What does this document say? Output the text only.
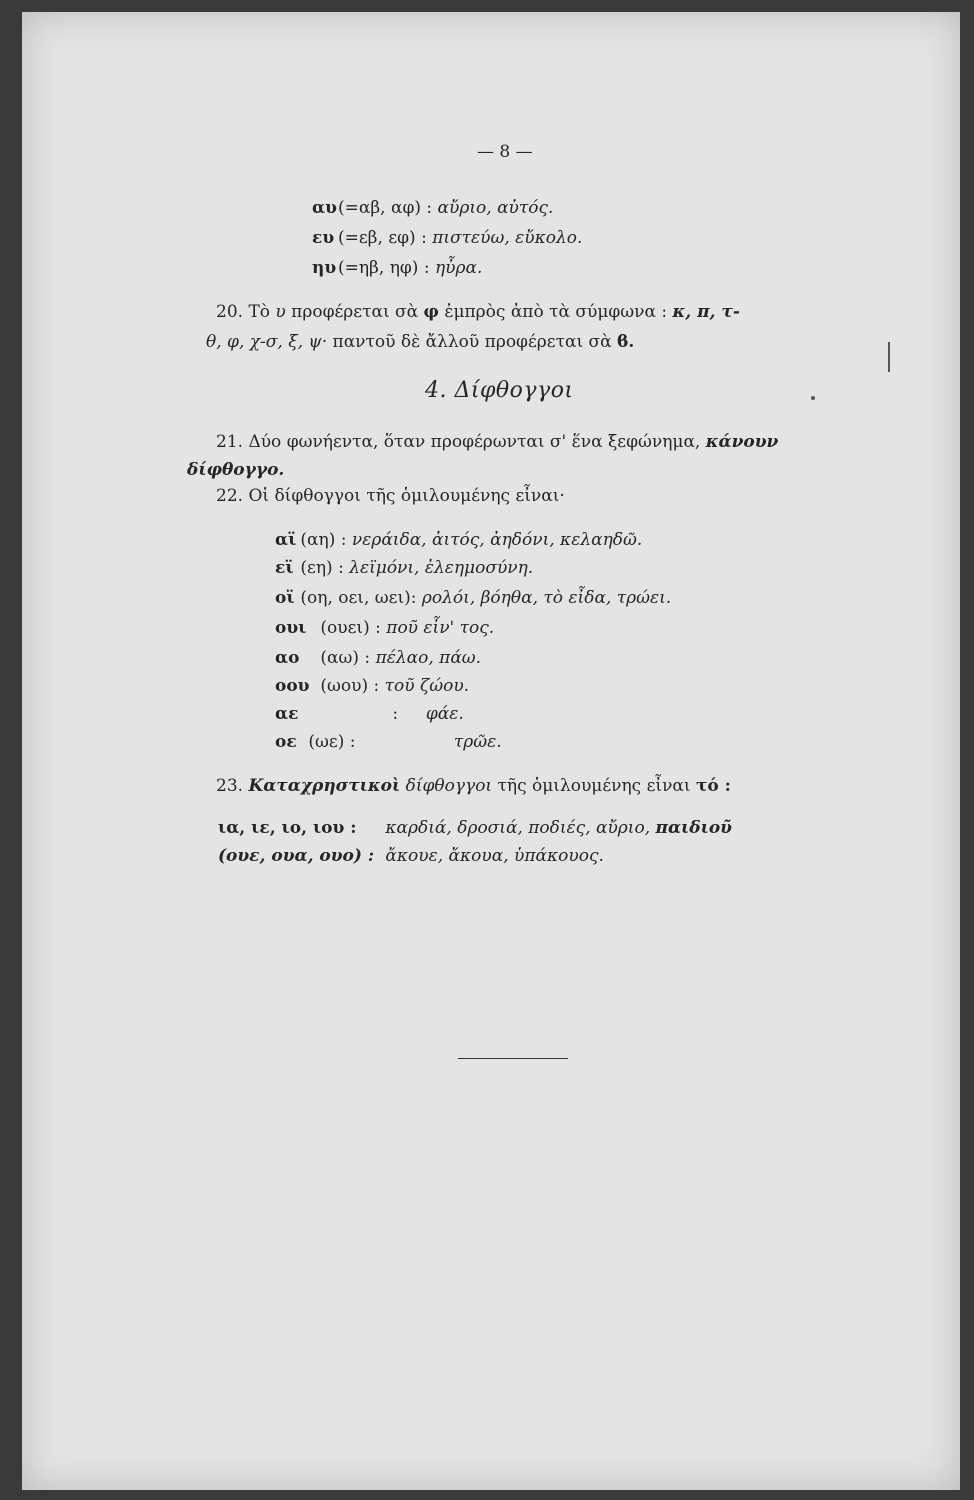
— 8 —
αυ(=αβ, αφ) : αὔριο, αὐτός.
ευ (=εβ, εφ) : πιστεύω, εὔκολο.
ηυ (=ηβ, ηφ) : ηὖρα.
20. Τὸ υ προφέρεται σὰ φ ἐμπρὸς ἀπὸ τὰ σύμφωνα : κ, π, τ-
θ, φ, χ-σ, ξ, ψ· παντοῦ δὲ ἄλλοῦ προφέρεται σὰ ϐ.
4. Δίφθογγοι
21. Δύο φωνήεντα, ὅταν προφέρωνται σ' ἕνα ξεφώνημα, κάνουν
δίφθογγο.
22. Οἱ δίφθογγοι τῆς ὁμιλουμένης εἶναι·
αϊ (αη) : νεράιδα, ἀιτός, ἀηδόνι, κελαηδῶ.
εϊ (εη) : λεϊμόνι, ἐλεημοσύνη.
οϊ (οη, οει, ωει): ρολόι, βόηθα, τὸ εἶδα, τρώει.
ουι (ουει) : ποῦ εἶν' τος.
αο (αω) : πέλαο, πάω.
οου (ωου) : τοῦ ζώου.
αε	: φάε.
οε (ωε) :	τρῶε.
23. Καταχρηστικοὶ δίφθογγοι τῆς ὁμιλουμένης εἶναι τό :
ια, ιε, ιο, ιου : καρδιά, δροσιά, ποδιές, αὔριο, παιδιοῦ
(ουε, ουα, ουο) : ἄκουε, ἄκουα, ὑπάκουος.
